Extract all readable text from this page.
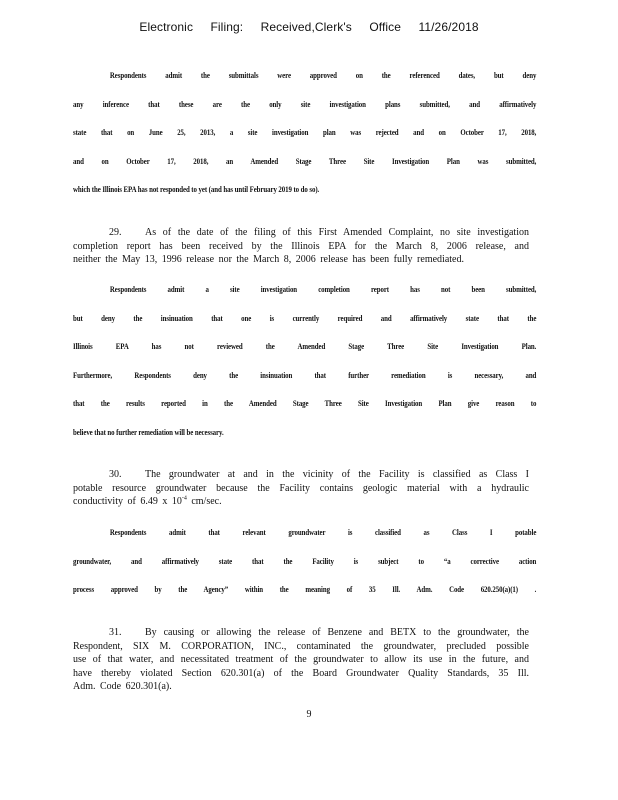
Electronic Filing: Received,Clerk's Office 11/26/2018
Respondents admit the submittals were approved on the referenced dates, but deny
any inference that these are the only site investigation plans submitted, and affirmatively
state that on June 25, 2013, a site investigation plan was rejected and on October 17, 2018,
and on October 17, 2018, an Amended Stage Three Site Investigation Plan was submitted,
which the Illinois EPA has not responded to yet (and has until February 2019 to do so).
29. As of the date of the filing of this First Amended Complaint, no site investigation
completion report has been received by the Illinois EPA for the March 8, 2006 release, and
neither the May 13, 1996 release nor the March 8, 2006 release has been fully remediated.
Respondents admit a site investigation completion report has not been submitted,
but deny the insinuation that one is currently required and affirmatively state that the
Illinois EPA has not reviewed the Amended Stage Three Site Investigation Plan.
Furthermore, Respondents deny the insinuation that further remediation is necessary, and
that the results reported in the Amended Stage Three Site Investigation Plan give reason to
believe that no further remediation will be necessary.
30. The groundwater at and in the vicinity of the Facility is classified as Class I
potable resource groundwater because the Facility contains geologic material with a hydraulic
conductivity of 6.49 x $10^{-4}$ cm/sec.
Respondents admit that relevant groundwater is classified as Class I potable
groundwater, and affirmatively state that the Facility is subject to “a corrective action
process approved by the Agency” within the meaning of 35 Ill. Adm. Code 620.250(a)(1) .
31. By causing or allowing the release of Benzene and BETX to the groundwater, the
Respondent, SIX M. CORPORATION, INC., contaminated the groundwater, precluded possible
use of that water, and necessitated treatment of the groundwater to allow its use in the future, and
have thereby violated Section 620.301(a) of the Board Groundwater Quality Standards, 35 Ill.
Adm. Code 620.301(a).
9
